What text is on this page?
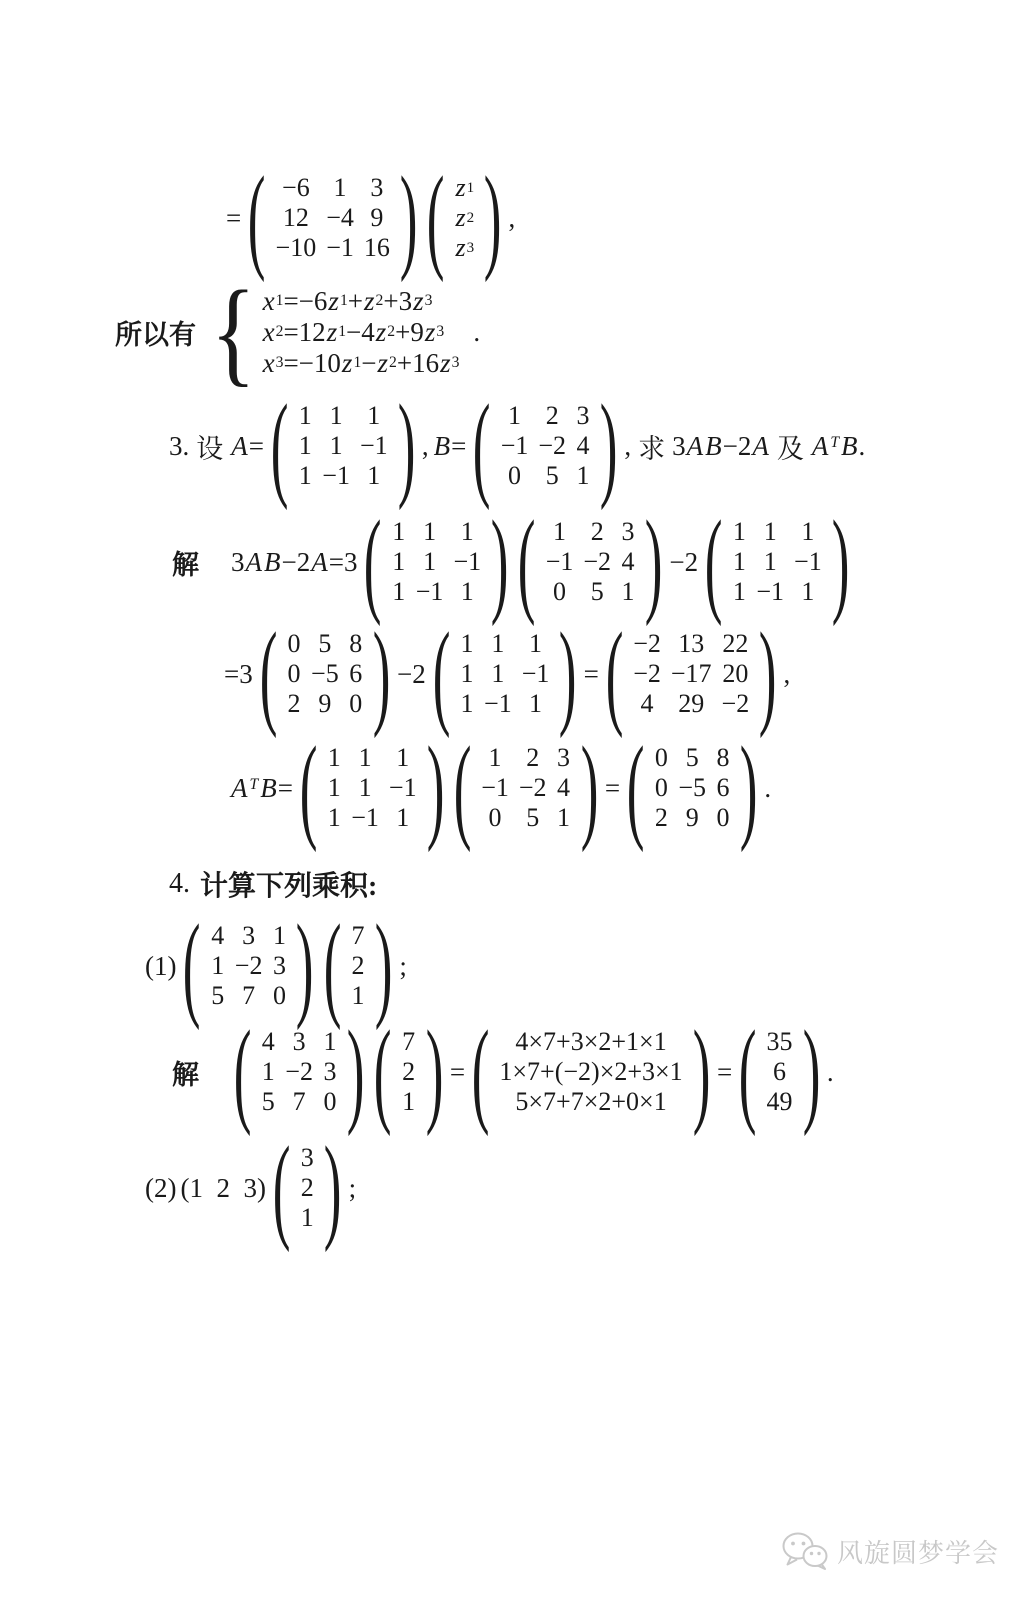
= ( −6 1 3
12 −4 9
−10 −1 16 ) ( z 1
z 2
z 3 ) ,
所以有 { x 1 =−6 z 1 + z 2 +3 z 3
x 2 =12 z 1 −4 z 2 +9 z 3
x 3 =−10 z 1 − z 2 +16 z 3
.
3. 设 A= ( 1 1 1
1 1 −1
1 −1 1 ) , B= ( 1 2 3
−1 −2 4
0 5 1 ) , 求 3AB−2A 及 A $^T$B.
解 3AB−2A=3 ( 1 1 1
1 1 −1
1 −1 1 ) ( 1 2 3
−1 −2 4
0 5 1 ) −2 ( 1 1 1
1 1 −1
1 −1 1 )
=3 ( 0 5 8
0 −5 6
2 9 0 ) −2 ( 1 1 1
1 1 −1
1 −1 1 ) = ( −2 13 22
−2 −17 20
4 29 −2 ) ,
A $^T$B= ( 1 1 1
1 1 −1
1 −1 1 ) ( 1 2 3
−1 −2 4
0 5 1 ) = ( 0 5 8
0 −5 6
2 9 0 ) .
4. 计算下列乘积:
(1) ( 4 3 1
1 −2 3
5 7 0 ) ( 7
2
1 ) ;
解 ( 4 3 1
1 −2 3
5 7 0 ) ( 7
2
1 ) = ( 4×7+3×2+1×1
1×7+(−2)×2+3×1
5×7+7×2+0×1 ) = ( 35
6
49 ) .
(2) (1  2  3) ( 3
2
1 ) ;
风旋圆梦学会
